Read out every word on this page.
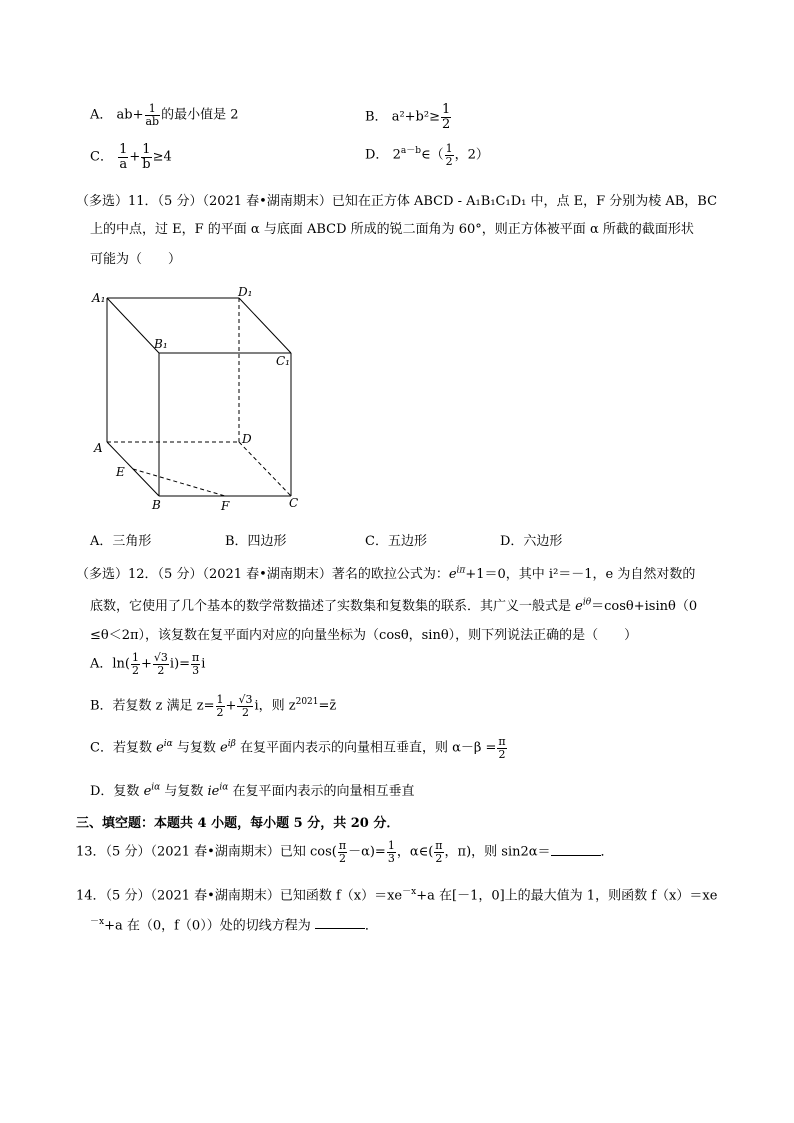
A． $ab+ \frac{1}{ab}$ 的最小值是 2	B． $a^2+b^2\ge \frac{1}{2}$
C． $\frac{1}{a} + \frac{1}{b} \ge 4$	D． $2^{a-b}\in( \frac{1}{2}$ ，2）
（多选）11．（5 分）（2021 春•湖南期末）已知在正方体 ABCD - A₁B₁C₁D₁ 中，点 E，F 分别为棱 AB，BC
上的中点，过 E，F 的平面 α 与底面 ABCD 所成的锐二面角为 60°，则正方体被平面 α 所截的截面形状
可能为（　　）
A₁	D₁
B₁
C₁
A
D
E
B	F	C
A．三角形	B．四边形	C．五边形	D．六边形
（多选）12．（5 分）（2021 春•湖南期末）著名的欧拉公式为：$e^{i\pi}+1=0$，其中 i²＝－1，e 为自然对数的
底数，它使用了几个基本的数学常数描述了实数集和复数集的联系．其广义一般式是 $e^{i\theta}=\cos\theta+isin\theta(0$
≤θ＜2π），该复数在复平面内对应的向量坐标为（cosθ，sinθ），则下列说法正确的是（　　）
A．$\ln( \frac{1}{2} + \frac{√3}{2} i)= \frac{\pi}{3}$ i
B．若复数 z 满足 $z= \frac{1}{2} + \frac{√3}{2}$ i，则 $z^{2021}=z̄$
C．若复数 $e^{i\alpha}$ 与复数 $e^{i\beta}$ 在复平面内表示的向量相互垂直，则 $\alpha-\beta = \frac{\pi}{2}$
D．复数 $e^{i\alpha}$ 与复数 $ie^{i\alpha}$ 在复平面内表示的向量相互垂直
三、填空题：本题共 4 小题，每小题 5 分，共 20 分．
13．（5 分）（2021 春•湖南期末）已知 $\cos( \frac{\pi}{2} -\alpha)= \frac{1}{3}$ ，α∈( $\frac{\pi}{2}$ ，π)，则 sin2α＝	．
14．（5 分）（2021 春•湖南期末）已知函数 $f(x)=xe^{-x}+a$ 在[－1，0]上的最大值为 1，则函数 f（x）＝xe
$^{-x}$+a 在（0，f（0））处的切线方程为	．
